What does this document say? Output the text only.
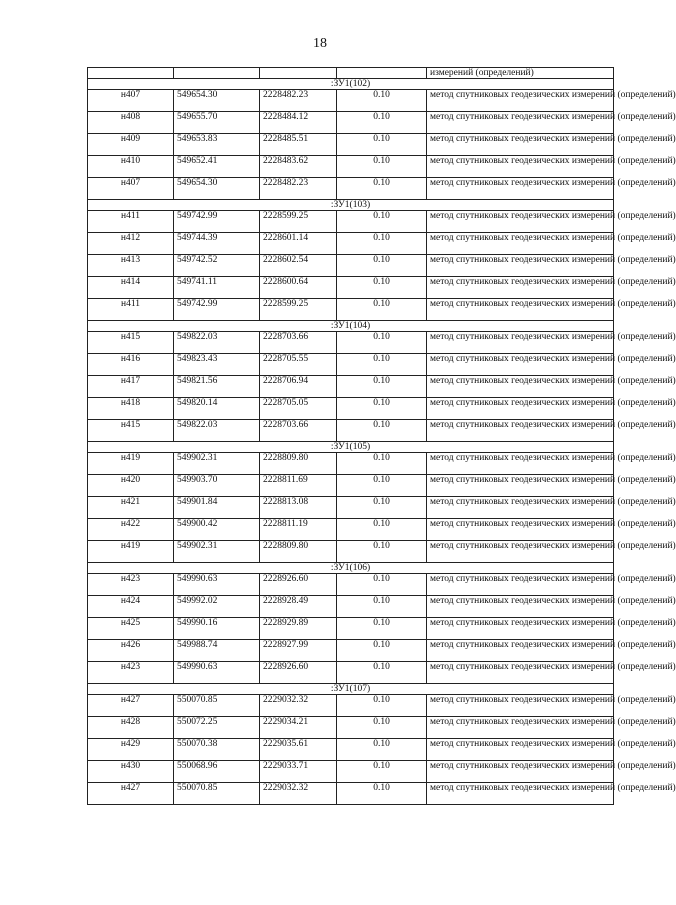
18
				измерений (определений)
:ЗУ1(102)				
н407	549654.30	2228482.23	0.10	метод спутниковых геодезических измерений (определений)
н408	549655.70	2228484.12	0.10	метод спутниковых геодезических измерений (определений)
н409	549653.83	2228485.51	0.10	метод спутниковых геодезических измерений (определений)
н410	549652.41	2228483.62	0.10	метод спутниковых геодезических измерений (определений)
н407	549654.30	2228482.23	0.10	метод спутниковых геодезических измерений (определений)
:ЗУ1(103)				
н411	549742.99	2228599.25	0.10	метод спутниковых геодезических измерений (определений)
н412	549744.39	2228601.14	0.10	метод спутниковых геодезических измерений (определений)
н413	549742.52	2228602.54	0.10	метод спутниковых геодезических измерений (определений)
н414	549741.11	2228600.64	0.10	метод спутниковых геодезических измерений (определений)
н411	549742.99	2228599.25	0.10	метод спутниковых геодезических измерений (определений)
:ЗУ1(104)				
н415	549822.03	2228703.66	0.10	метод спутниковых геодезических измерений (определений)
н416	549823.43	2228705.55	0.10	метод спутниковых геодезических измерений (определений)
н417	549821.56	2228706.94	0.10	метод спутниковых геодезических измерений (определений)
н418	549820.14	2228705.05	0.10	метод спутниковых геодезических измерений (определений)
н415	549822.03	2228703.66	0.10	метод спутниковых геодезических измерений (определений)
:ЗУ1(105)				
н419	549902.31	2228809.80	0.10	метод спутниковых геодезических измерений (определений)
н420	549903.70	2228811.69	0.10	метод спутниковых геодезических измерений (определений)
н421	549901.84	2228813.08	0.10	метод спутниковых геодезических измерений (определений)
н422	549900.42	2228811.19	0.10	метод спутниковых геодезических измерений (определений)
н419	549902.31	2228809.80	0.10	метод спутниковых геодезических измерений (определений)
:ЗУ1(106)				
н423	549990.63	2228926.60	0.10	метод спутниковых геодезических измерений (определений)
н424	549992.02	2228928.49	0.10	метод спутниковых геодезических измерений (определений)
н425	549990.16	2228929.89	0.10	метод спутниковых геодезических измерений (определений)
н426	549988.74	2228927.99	0.10	метод спутниковых геодезических измерений (определений)
н423	549990.63	2228926.60	0.10	метод спутниковых геодезических измерений (определений)
:ЗУ1(107)				
н427	550070.85	2229032.32	0.10	метод спутниковых геодезических измерений (определений)
н428	550072.25	2229034.21	0.10	метод спутниковых геодезических измерений (определений)
н429	550070.38	2229035.61	0.10	метод спутниковых геодезических измерений (определений)
н430	550068.96	2229033.71	0.10	метод спутниковых геодезических измерений (определений)
н427	550070.85	2229032.32	0.10	метод спутниковых геодезических измерений (определений)
